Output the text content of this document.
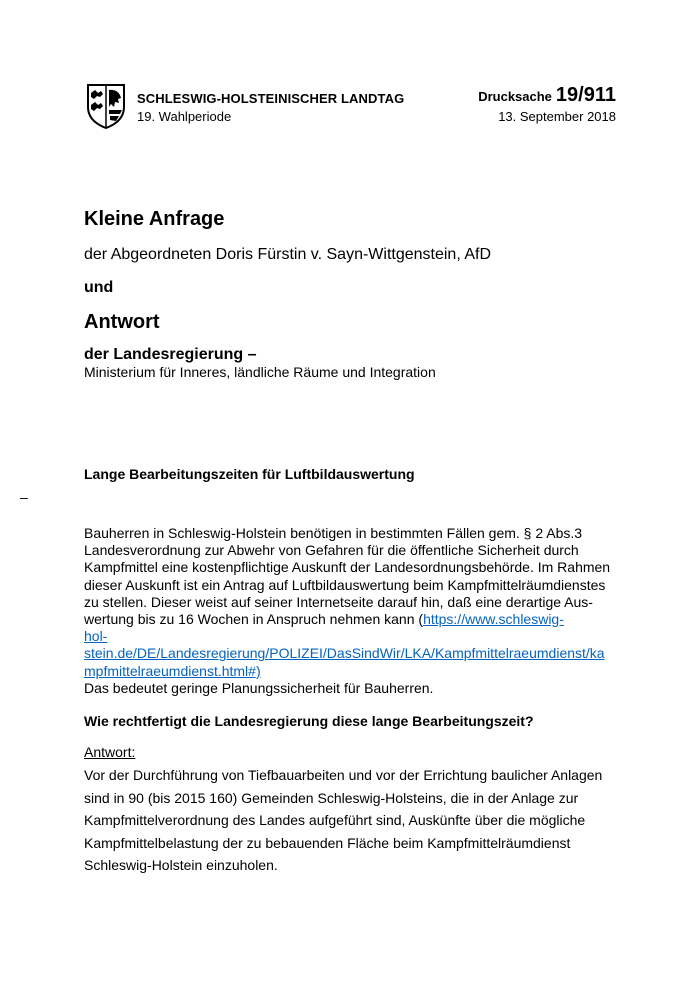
SCHLESWIG-HOLSTEINISCHER LANDTAG
19. Wahlperiode
Drucksache 19/911
13. September 2018
Kleine Anfrage
der Abgeordneten Doris Fürstin v. Sayn-Wittgenstein, AfD
und
Antwort
der Landesregierung –
Ministerium für Inneres, ländliche Räume und Integration
Lange Bearbeitungszeiten für Luftbildauswertung
–
Bauherren in Schleswig-Holstein benötigen in bestimmten Fällen gem. § 2 Abs.3
Landesverordnung zur Abwehr von Gefahren für die öffentliche Sicherheit durch
Kampfmittel eine kostenpflichtige Auskunft der Landesordnungsbehörde. Im Rahmen
dieser Auskunft ist ein Antrag auf Luftbildauswertung beim Kampfmittelräumdienstes
zu stellen. Dieser weist auf seiner Internetseite darauf hin, daß eine derartige Aus-
wertung bis zu 16 Wochen in Anspruch nehmen kann (https://www.schleswig-
hol-
stein.de/DE/Landesregierung/POLIZEI/DasSindWir/LKA/Kampfmittelraeumdienst/ka
mpfmittelraeumdienst.html#)
Das bedeutet geringe Planungssicherheit für Bauherren.
Wie rechtfertigt die Landesregierung diese lange Bearbeitungszeit?
Antwort:
Vor der Durchführung von Tiefbauarbeiten und vor der Errichtung baulicher Anlagen
sind in 90 (bis 2015 160) Gemeinden Schleswig-Holsteins, die in der Anlage zur
Kampfmittelverordnung des Landes aufgeführt sind, Auskünfte über die mögliche
Kampfmittelbelastung der zu bebauenden Fläche beim Kampfmittelräumdienst
Schleswig-Holstein einzuholen.
